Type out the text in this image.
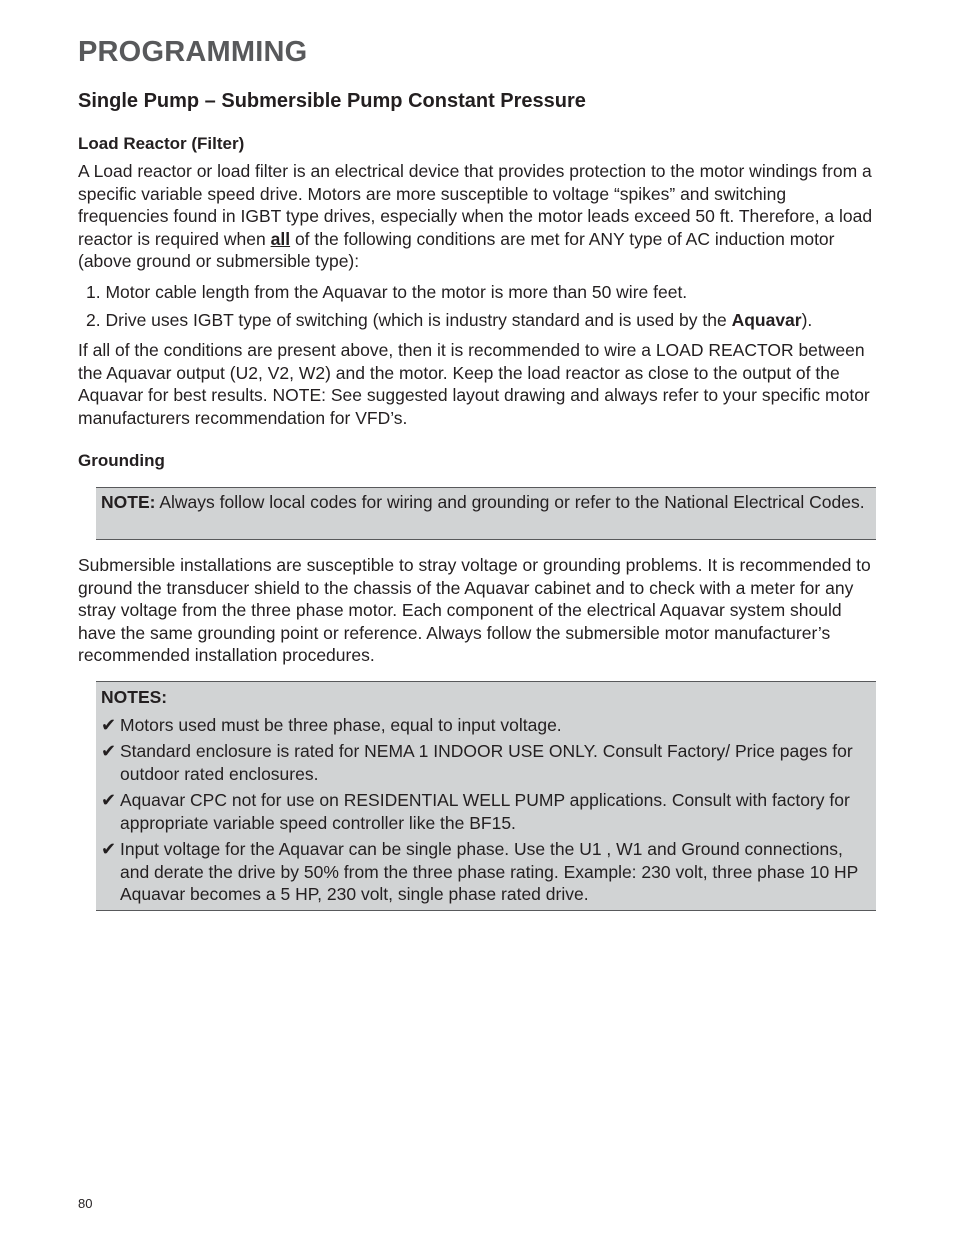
PROGRAMMING
Single Pump – Submersible Pump Constant Pressure
Load Reactor (Filter)

A Load reactor or load filter is an electrical device that provides protection to the motor windings from a specific variable speed drive. Motors are more susceptible to voltage “spikes” and switching frequencies found in IGBT type drives, especially when the motor leads exceed 50 ft. Therefore, a load reactor is required when all of the following conditions are met for ANY type of AC induction motor (above ground or submersible type):

1. Motor cable length from the Aquavar to the motor is more than 50 wire feet.
2. Drive uses IGBT type of switching (which is industry standard and is used by the Aquavar).

If all of the conditions are present above, then it is recommended to wire a LOAD REACTOR between the Aquavar output (U2, V2, W2) and the motor. Keep the load reactor as close to the output of the Aquavar for best results. NOTE: See suggested layout drawing and always refer to your specific motor manufacturers recommendation for VFD’s.

Grounding
NOTE: Always follow local codes for wiring and grounding or refer to the National Electrical Codes.

Submersible installations are susceptible to stray voltage or grounding problems. It is recommended to ground the transducer shield to the chassis of the Aquavar cabinet and to check with a meter for any stray voltage from the three phase motor. Each component of the electrical Aquavar system should have the same grounding point or reference. Always follow the submersible motor manufacturer’s recommended installation procedures.

NOTES:
✔ Motors used must be three phase, equal to input voltage.
✔ Standard enclosure is rated for NEMA 1 INDOOR USE ONLY. Consult Factory/ Price pages for outdoor rated enclosures.
✔ Aquavar CPC not for use on RESIDENTIAL WELL PUMP applications. Consult with factory for appropriate variable speed controller like the BF15.
✔ Input voltage for the Aquavar can be single phase. Use the U1 , W1 and Ground connections, and derate the drive by 50% from the three phase rating. Example: 230 volt, three phase 10 HP Aquavar becomes a 5 HP, 230 volt, single phase rated drive.
80
